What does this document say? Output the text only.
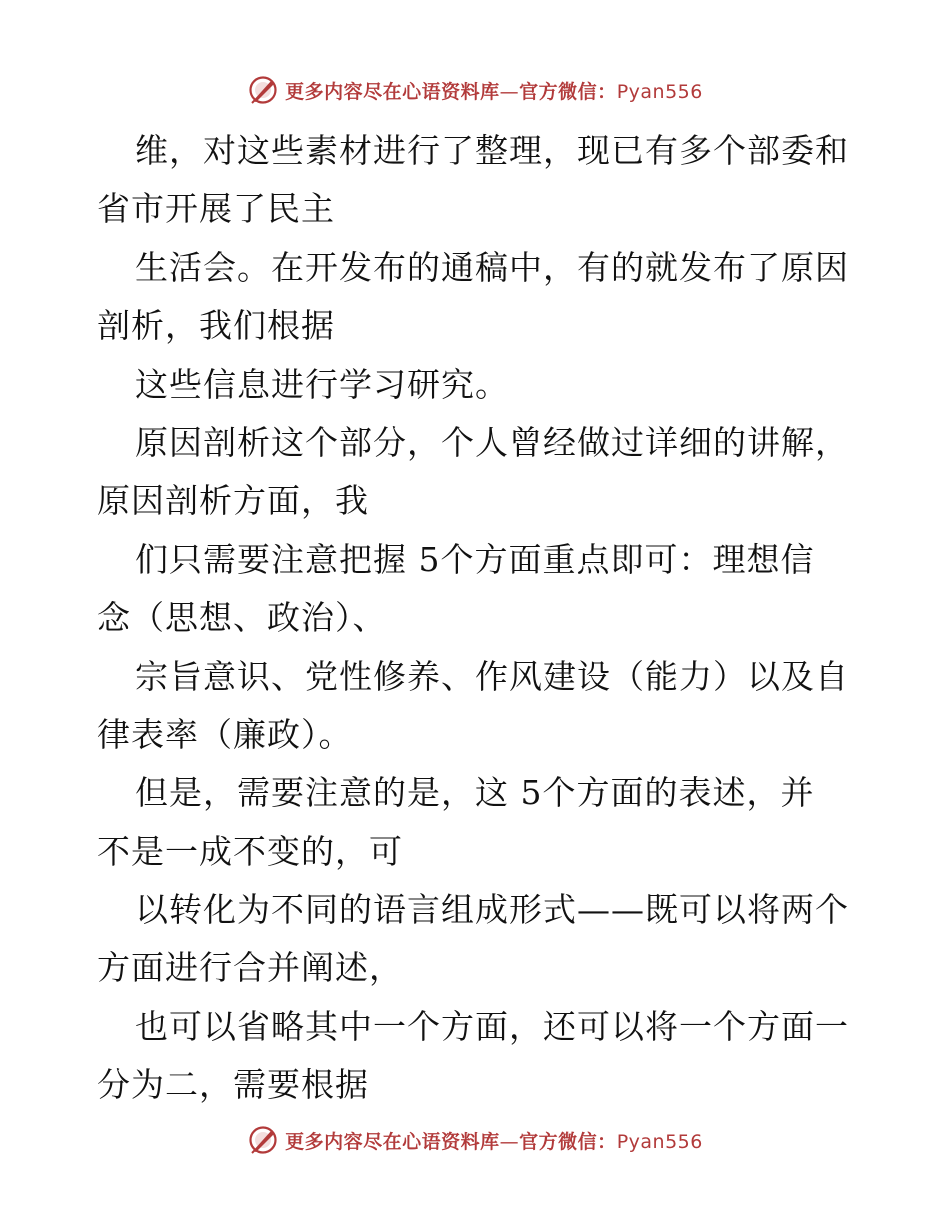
更多内容尽在心语资料库—官方微信：Pyan556
维，对这些素材进行了整理，现已有多个部委和
省市开展了民主
生活会。在开发布的通稿中，有的就发布了原因
剖析，我们根据
这些信息进行学习研究。
原因剖析这个部分，个人曾经做过详细的讲解，
原因剖析方面，我
们只需要注意把握 5个方面重点即可：理想信
念（思想、政治）、
宗旨意识、党性修养、作风建设（能力）以及自
律表率（廉政）。
但是，需要注意的是，这 5个方面的表述，并
不是一成不变的，可
以转化为不同的语言组成形式——既可以将两个
方面进行合并阐述，
也可以省略其中一个方面，还可以将一个方面一
分为二，需要根据
更多内容尽在心语资料库—官方微信：Pyan556
